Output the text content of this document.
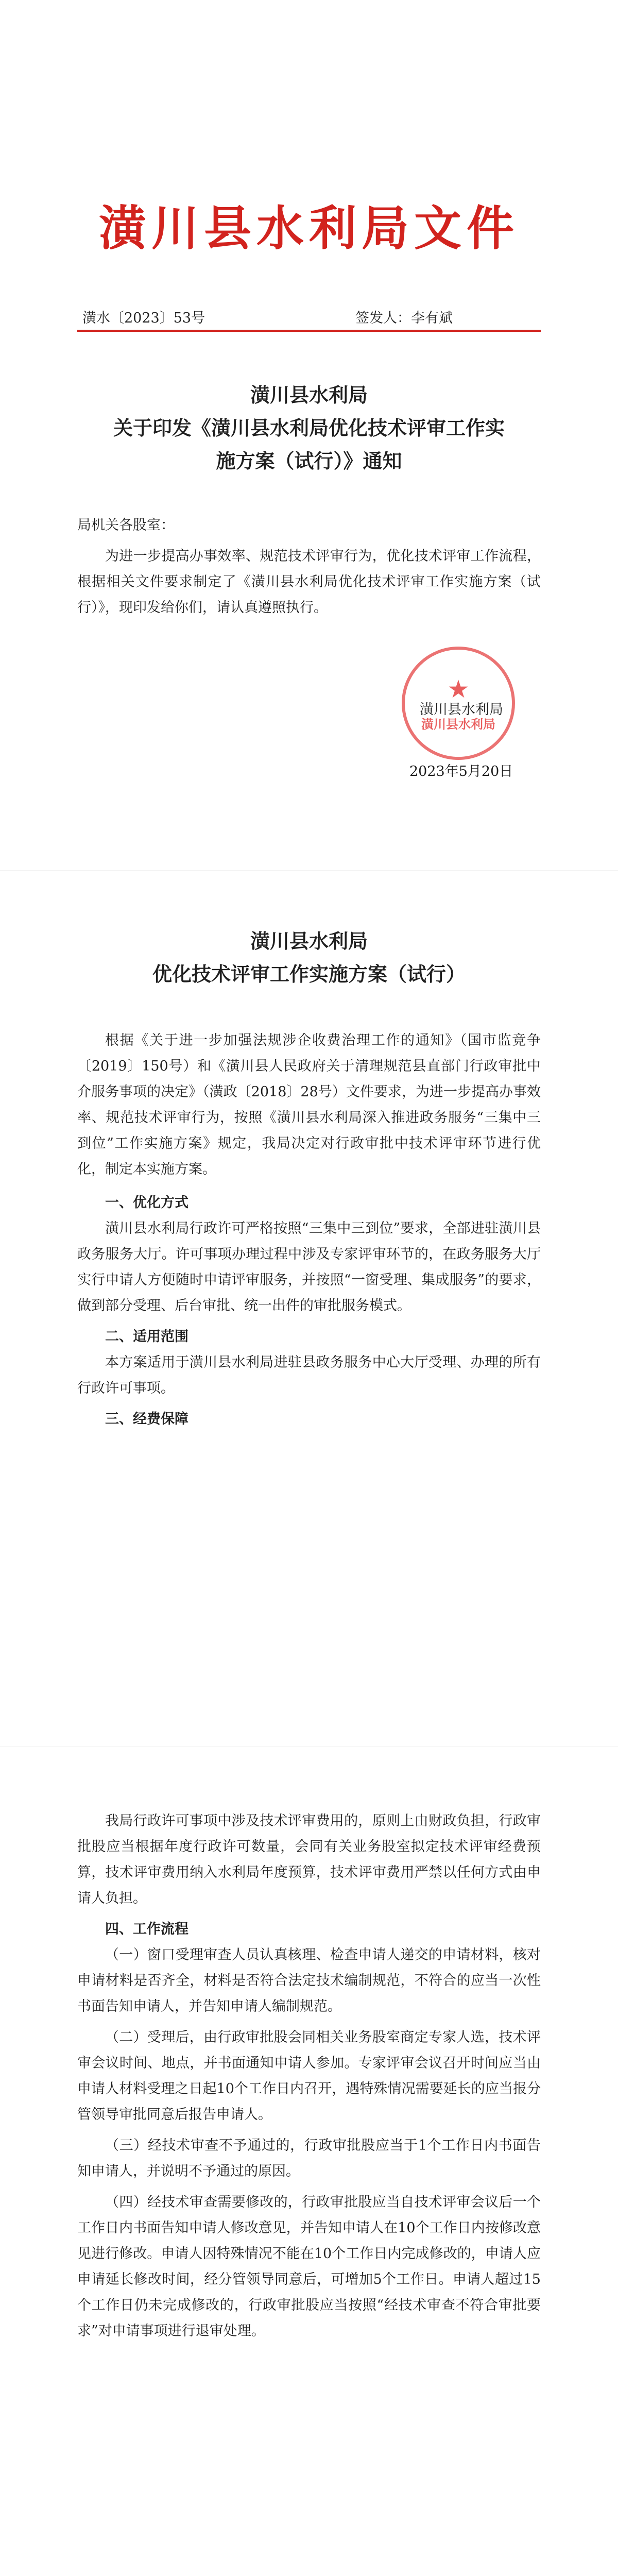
潢川县水利局文件
潢水〔2023〕53号	签发人：李有斌
潢川县水利局
关于印发《潢川县水利局优化技术评审工作实
施方案（试行）》通知
局机关各股室：
为进一步提高办事效率、规范技术评审行为，优化技术评审工作流程，根据相关文件要求制定了《潢川县水利局优化技术评审工作实施方案（试行）》，现印发给你们，请认真遵照执行。
★
潢川县水利局
潢川县水利局
2023年5月20日
潢川县水利局
优化技术评审工作实施方案（试行）
根据《关于进一步加强法规涉企收费治理工作的通知》（国市监竞争〔2019〕150号）和《潢川县人民政府关于清理规范县直部门行政审批中介服务事项的决定》（潢政〔2018〕28号）文件要求，为进一步提高办事效率、规范技术评审行为，按照《潢川县水利局深入推进政务服务“三集中三到位”工作实施方案》规定，我局决定对行政审批中技术评审环节进行优化，制定本实施方案。
一、优化方式
潢川县水利局行政许可严格按照“三集中三到位”要求，全部进驻潢川县政务服务大厅。许可事项办理过程中涉及专家评审环节的，在政务服务大厅实行申请人方便随时申请评审服务，并按照“一窗受理、集成服务”的要求，做到部分受理、后台审批、统一出件的审批服务模式。
二、适用范围
本方案适用于潢川县水利局进驻县政务服务中心大厅受理、办理的所有行政许可事项。
三、经费保障
我局行政许可事项中涉及技术评审费用的，原则上由财政负担，行政审批股应当根据年度行政许可数量，会同有关业务股室拟定技术评审经费预算，技术评审费用纳入水利局年度预算，技术评审费用严禁以任何方式由申请人负担。
四、工作流程
（一）窗口受理审查人员认真核理、检查申请人递交的申请材料，核对申请材料是否齐全，材料是否符合法定技术编制规范，不符合的应当一次性书面告知申请人，并告知申请人编制规范。
（二）受理后，由行政审批股会同相关业务股室商定专家人选，技术评审会议时间、地点，并书面通知申请人参加。专家评审会议召开时间应当由申请人材料受理之日起10个工作日内召开，遇特殊情况需要延长的应当报分管领导审批同意后报告申请人。
（三）经技术审查不予通过的，行政审批股应当于1个工作日内书面告知申请人，并说明不予通过的原因。
（四）经技术审查需要修改的，行政审批股应当自技术评审会议后一个工作日内书面告知申请人修改意见，并告知申请人在10个工作日内按修改意见进行修改。申请人因特殊情况不能在10个工作日内完成修改的，申请人应申请延长修改时间，经分管领导同意后，可增加5个工作日。申请人超过15个工作日仍未完成修改的，行政审批股应当按照“经技术审查不符合审批要求”对申请事项进行退审处理。
